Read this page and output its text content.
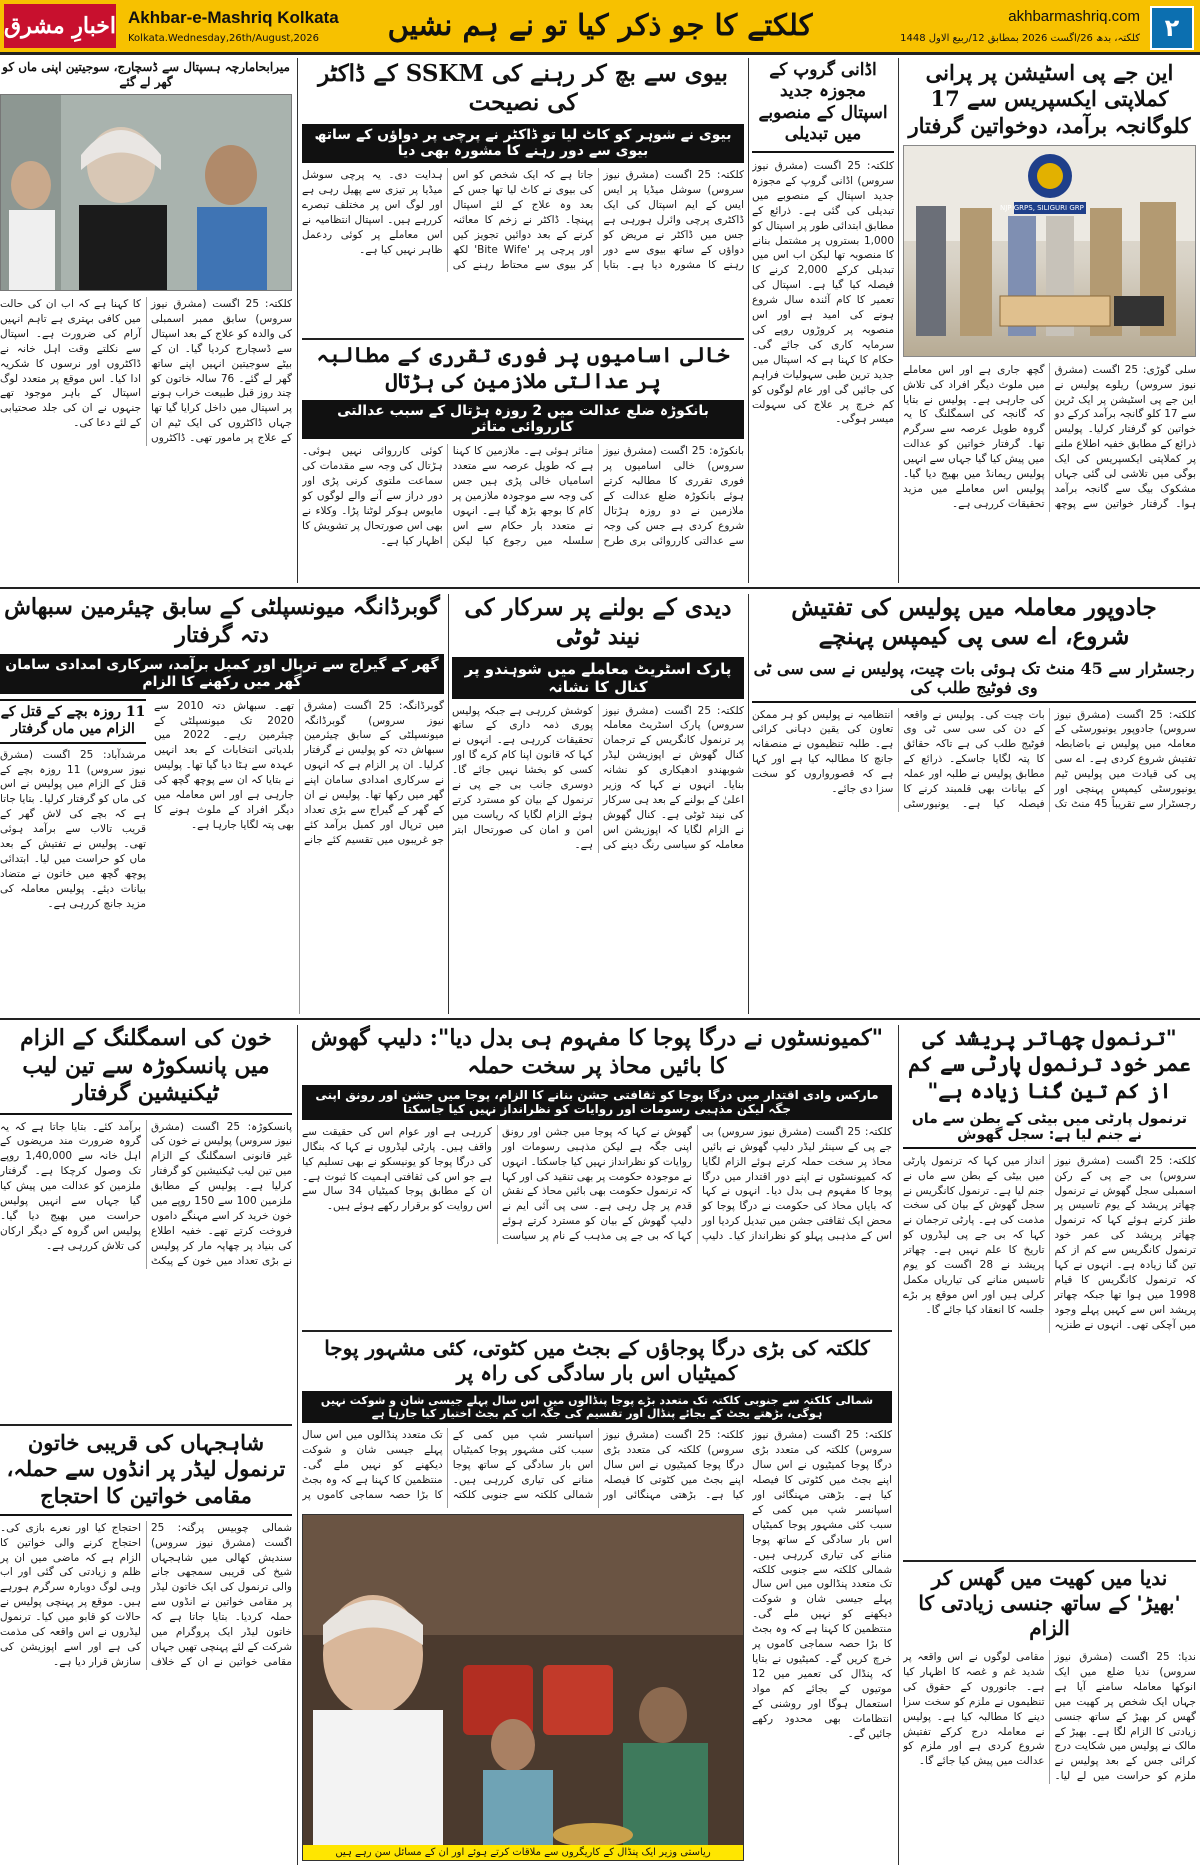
اخبارِ مشرق Akhbar-e-Mashriq Kolkata
Kolkata.Wednesday,26th/August,2026	کلکتے کا جو ذکر کیا تو نے ہم نشیں	akhbarmashriq.com
کلکتہ، بدھ 26/اگست 2026 بمطابق 12/ربیع الاول 1448	۲
این جے پی اسٹیشن پر پرانی کملاپتی ایکسپریس سے 17 کلوگانجہ برآمد، دوخواتین گرفتار
NJP GRPS, SILIGURI GRP
سلی گوڑی: 25 اگست (مشرق نیوز سروس) ریلوے پولیس نے این جے پی اسٹیشن پر ایک ٹرین سے 17 کلو گانجہ برآمد کرکے دو خواتین کو گرفتار کرلیا۔ پولیس ذرائع کے مطابق خفیہ اطلاع ملنے پر کملاپتی ایکسپریس کی ایک بوگی میں تلاشی لی گئی جہاں مشکوک بیگ سے گانجہ برآمد ہوا۔ گرفتار خواتین سے پوچھ گچھ جاری ہے اور اس معاملے میں ملوث دیگر افراد کی تلاش کی جارہی ہے۔ پولیس نے بتایا کہ گانجہ کی اسمگلنگ کا یہ گروہ طویل عرصہ سے سرگرم تھا۔ گرفتار خواتین کو عدالت میں پیش کیا گیا جہاں سے انہیں پولیس ریمانڈ میں بھیج دیا گیا۔ پولیس اس معاملے میں مزید تحقیقات کررہی ہے۔
اڈانی گروپ کے مجوزہ جدید اسپتال کے منصوبے میں تبدیلی
کلکتہ: 25 اگست (مشرق نیوز سروس) اڈانی گروپ کے مجوزہ جدید اسپتال کے منصوبے میں تبدیلی کی گئی ہے۔ ذرائع کے مطابق ابتدائی طور پر اسپتال کو 1,000 بستروں پر مشتمل بنانے کا منصوبہ تھا لیکن اب اس میں تبدیلی کرکے 2,000 کرنے کا فیصلہ کیا گیا ہے۔ اسپتال کی تعمیر کا کام آئندہ سال شروع ہونے کی امید ہے اور اس منصوبہ پر کروڑوں روپے کی سرمایہ کاری کی جائے گی۔ حکام کا کہنا ہے کہ اسپتال میں جدید ترین طبی سہولیات فراہم کی جائیں گی اور عام لوگوں کو کم خرچ پر علاج کی سہولت میسر ہوگی۔
بیوی سے بچ کر رہنے کی SSKM کے ڈاکٹر کی نصیحت
بیوی نے شوہر کو کاٹ لیا تو ڈاکٹر نے پرچی پر دواؤں کے ساتھ بیوی سے دور رہنے کا مشورہ بھی دیا
کلکتہ: 25 اگست (مشرق نیوز سروس) سوشل میڈیا پر ایس ایس کے ایم اسپتال کی ایک ڈاکٹری پرچی وائرل ہورہی ہے جس میں ڈاکٹر نے مریض کو دواؤں کے ساتھ بیوی سے دور رہنے کا مشورہ دیا ہے۔ بتایا جاتا ہے کہ ایک شخص کو اس کی بیوی نے کاٹ لیا تھا جس کے بعد وہ علاج کے لئے اسپتال پہنچا۔ ڈاکٹر نے زخم کا معائنہ کرنے کے بعد دوائیں تجویز کیں اور پرچی پر 'Bite Wife' لکھ کر بیوی سے محتاط رہنے کی ہدایت دی۔ یہ پرچی سوشل میڈیا پر تیزی سے پھیل رہی ہے اور لوگ اس پر مختلف تبصرے کررہے ہیں۔ اسپتال انتظامیہ نے اس معاملے پر کوئی ردعمل ظاہر نہیں کیا ہے۔
خالی اسامیوں پر فوری تقرری کے مطالبہ پر عدالتی ملازمین کی ہڑتال
بانکوڑہ ضلع عدالت میں 2 روزہ ہڑتال کے سبب عدالتی کارروائی متاثر
بانکوڑہ: 25 اگست (مشرق نیوز سروس) خالی اسامیوں پر فوری تقرری کا مطالبہ کرتے ہوئے بانکوڑہ ضلع عدالت کے ملازمین نے دو روزہ ہڑتال شروع کردی ہے جس کی وجہ سے عدالتی کارروائی بری طرح متاثر ہوئی ہے۔ ملازمین کا کہنا ہے کہ طویل عرصہ سے متعدد اسامیاں خالی پڑی ہیں جس کی وجہ سے موجودہ ملازمین پر کام کا بوجھ بڑھ گیا ہے۔ انہوں نے متعدد بار حکام سے اس سلسلہ میں رجوع کیا لیکن کوئی کارروائی نہیں ہوئی۔ ہڑتال کی وجہ سے مقدمات کی سماعت ملتوی کرنی پڑی اور دور دراز سے آنے والے لوگوں کو مایوس ہوکر لوٹنا پڑا۔ وکلاء نے بھی اس صورتحال پر تشویش کا اظہار کیا ہے۔
میرابحامارچہ ہسپتال سے ڈسچارج، سوجیتین اپنی ماں کو گھر لے گئے
کلکتہ: 25 اگست (مشرق نیوز سروس) سابق ممبر اسمبلی کی والدہ کو علاج کے بعد اسپتال سے ڈسچارج کردیا گیا۔ ان کے بیٹے سوجیتین انہیں اپنے ساتھ گھر لے گئے۔ 76 سالہ خاتون کو چند روز قبل طبیعت خراب ہونے پر اسپتال میں داخل کرایا گیا تھا جہاں ڈاکٹروں کی ایک ٹیم ان کے علاج پر مامور تھی۔ ڈاکٹروں کا کہنا ہے کہ اب ان کی حالت میں کافی بہتری ہے تاہم انہیں آرام کی ضرورت ہے۔ اسپتال سے نکلتے وقت اہل خانہ نے ڈاکٹروں اور نرسوں کا شکریہ ادا کیا۔ اس موقع پر متعدد لوگ اسپتال کے باہر موجود تھے جنہوں نے ان کی جلد صحتیابی کے لئے دعا کی۔
جادوپور معاملہ میں پولیس کی تفتیش شروع، اے سی پی کیمپس پہنچے
رجسٹرار سے 45 منٹ تک ہوئی بات چیت، پولیس نے سی سی ٹی وی فوٹیج طلب کی
کلکتہ: 25 اگست (مشرق نیوز سروس) جادوپور یونیورسٹی کے معاملہ میں پولیس نے باضابطہ تفتیش شروع کردی ہے۔ اے سی پی کی قیادت میں پولیس ٹیم یونیورسٹی کیمپس پہنچی اور رجسٹرار سے تقریباً 45 منٹ تک بات چیت کی۔ پولیس نے واقعہ کے دن کی سی سی ٹی وی فوٹیج طلب کی ہے تاکہ حقائق کا پتہ لگایا جاسکے۔ ذرائع کے مطابق پولیس نے طلبہ اور عملہ کے بیانات بھی قلمبند کرنے کا فیصلہ کیا ہے۔ یونیورسٹی انتظامیہ نے پولیس کو ہر ممکن تعاون کی یقین دہانی کرائی ہے۔ طلبہ تنظیموں نے منصفانہ جانچ کا مطالبہ کیا ہے اور کہا ہے کہ قصورواروں کو سخت سزا دی جائے۔
دیدی کے بولنے پر سرکار کی نیند ٹوٹی
پارک اسٹریٹ معاملے میں شوہندو پر کنال کا نشانہ
کلکتہ: 25 اگست (مشرق نیوز سروس) پارک اسٹریٹ معاملہ پر ترنمول کانگریس کے ترجمان کنال گھوش نے اپوزیشن لیڈر شوبھندو ادھیکاری کو نشانہ بنایا۔ انہوں نے کہا کہ وزیر اعلیٰ کے بولنے کے بعد ہی سرکار کی نیند ٹوٹی ہے۔ کنال گھوش نے الزام لگایا کہ اپوزیشن اس معاملہ کو سیاسی رنگ دینے کی کوشش کررہی ہے جبکہ پولیس پوری ذمہ داری کے ساتھ تحقیقات کررہی ہے۔ انہوں نے کہا کہ قانون اپنا کام کرے گا اور کسی کو بخشا نہیں جائے گا۔ دوسری جانب بی جے پی نے ترنمول کے بیان کو مسترد کرتے ہوئے الزام لگایا کہ ریاست میں امن و امان کی صورتحال ابتر ہے۔
گوبرڈانگہ میونسپلٹی کے سابق چیئرمین سبھاش دتہ گرفتار
گھر کے گیراج سے ترپال اور کمبل برآمد، سرکاری امدادی سامان گھر میں رکھنے کا الزام
گوبرڈانگہ: 25 اگست (مشرق نیوز سروس) گوبرڈانگہ میونسپلٹی کے سابق چیئرمین سبھاش دتہ کو پولیس نے گرفتار کرلیا۔ ان پر الزام ہے کہ انہوں نے سرکاری امدادی سامان اپنے گھر میں رکھا تھا۔ پولیس نے ان کے گھر کے گیراج سے بڑی تعداد میں ترپال اور کمبل برآمد کئے جو غریبوں میں تقسیم کئے جانے تھے۔ سبھاش دتہ 2010 سے 2020 تک میونسپلٹی کے چیئرمین رہے۔ 2022 میں بلدیاتی انتخابات کے بعد انہیں عہدہ سے ہٹا دیا گیا تھا۔ پولیس نے بتایا کہ ان سے پوچھ گچھ کی جارہی ہے اور اس معاملہ میں دیگر افراد کے ملوث ہونے کا بھی پتہ لگایا جارہا ہے۔
11 روزہ بچے کے قتل کے الزام میں ماں گرفتار
مرشدآباد: 25 اگست (مشرق نیوز سروس) 11 روزہ بچے کے قتل کے الزام میں پولیس نے اس کی ماں کو گرفتار کرلیا۔ بتایا جاتا ہے کہ بچے کی لاش گھر کے قریب تالاب سے برآمد ہوئی تھی۔ پولیس نے تفتیش کے بعد ماں کو حراست میں لیا۔ ابتدائی پوچھ گچھ میں خاتون نے متضاد بیانات دیئے۔ پولیس معاملہ کی مزید جانچ کررہی ہے۔
"ترنمول چھاتر پریشد کی عمر خود ترنمول پارٹی سے کم از کم تین گنا زیادہ ہے"
ترنمول پارٹی میں بیٹی کے بطن سے ماں نے جنم لیا ہے: سجل گھوش
کلکتہ: 25 اگست (مشرق نیوز سروس) بی جے پی کے رکن اسمبلی سجل گھوش نے ترنمول چھاتر پریشد کے یوم تاسیس پر طنز کرتے ہوئے کہا کہ ترنمول چھاتر پریشد کی عمر خود ترنمول کانگریس سے کم از کم تین گنا زیادہ ہے۔ انہوں نے کہا کہ ترنمول کانگریس کا قیام 1998 میں ہوا تھا جبکہ چھاتر پریشد اس سے کہیں پہلے وجود میں آچکی تھی۔ انہوں نے طنزیہ انداز میں کہا کہ ترنمول پارٹی میں بیٹی کے بطن سے ماں نے جنم لیا ہے۔ ترنمول کانگریس نے سجل گھوش کے بیان کی سخت مذمت کی ہے۔ پارٹی ترجمان نے کہا کہ بی جے پی لیڈروں کو تاریخ کا علم نہیں ہے۔ چھاتر پریشد نے 28 اگست کو یوم تاسیس منانے کی تیاریاں مکمل کرلی ہیں اور اس موقع پر بڑے جلسہ کا انعقاد کیا جائے گا۔
"کمیونسٹوں نے درگا پوجا کا مفہوم ہی بدل دیا": دلیپ گھوش کا بائیں محاذ پر سخت حملہ
مارکس وادی اقتدار میں درگا پوجا کو ثقافتی جشن بنانے کا الزام، پوجا میں جشن اور رونق اپنی جگہ لیکن مذہبی رسومات اور روایات کو نظرانداز نہیں کیا جاسکتا
کلکتہ: 25 اگست (مشرق نیوز سروس) بی جے پی کے سینئر لیڈر دلیپ گھوش نے بائیں محاذ پر سخت حملہ کرتے ہوئے الزام لگایا کہ کمیونسٹوں نے اپنے دور اقتدار میں درگا پوجا کا مفہوم ہی بدل دیا۔ انہوں نے کہا کہ بایاں محاذ کی حکومت نے درگا پوجا کو محض ایک ثقافتی جشن میں تبدیل کردیا اور اس کے مذہبی پہلو کو نظرانداز کیا۔ دلیپ گھوش نے کہا کہ پوجا میں جشن اور رونق اپنی جگہ ہے لیکن مذہبی رسومات اور روایات کو نظرانداز نہیں کیا جاسکتا۔ انہوں نے موجودہ حکومت پر بھی تنقید کی اور کہا کہ ترنمول حکومت بھی بائیں محاذ کے نقش قدم پر چل رہی ہے۔ سی پی آئی ایم نے دلیپ گھوش کے بیان کو مسترد کرتے ہوئے کہا کہ بی جے پی مذہب کے نام پر سیاست کررہی ہے اور عوام اس کی حقیقت سے واقف ہیں۔ پارٹی لیڈروں نے کہا کہ بنگال کی درگا پوجا کو یونیسکو نے بھی تسلیم کیا ہے جو اس کی ثقافتی اہمیت کا ثبوت ہے۔ ان کے مطابق پوجا کمیٹیاں 34 سال سے اس روایت کو برقرار رکھے ہوئے ہیں۔
خون کی اسمگلنگ کے الزام میں پانسکوڑہ سے تین لیب ٹیکنیشین گرفتار
پانسکوڑہ: 25 اگست (مشرق نیوز سروس) پولیس نے خون کی غیر قانونی اسمگلنگ کے الزام میں تین لیب ٹیکنیشین کو گرفتار کرلیا ہے۔ پولیس کے مطابق ملزمین 100 سے 150 روپے میں خون خرید کر اسے مہنگے داموں فروخت کرتے تھے۔ خفیہ اطلاع کی بنیاد پر چھاپہ مار کر پولیس نے بڑی تعداد میں خون کے پیکٹ برآمد کئے۔ بتایا جاتا ہے کہ یہ گروہ ضرورت مند مریضوں کے اہل خانہ سے 1,40,000 روپے تک وصول کرچکا ہے۔ گرفتار ملزمین کو عدالت میں پیش کیا گیا جہاں سے انہیں پولیس حراست میں بھیج دیا گیا۔ پولیس اس گروہ کے دیگر ارکان کی تلاش کررہی ہے۔
کلکتہ کی بڑی درگا پوجاؤں کے بجٹ میں کٹوتی، کئی مشہور پوجا کمیٹیاں اس بار سادگی کی راہ پر
شمالی کلکتہ سے جنوبی کلکتہ تک متعدد بڑے پوجا پنڈالوں میں اس سال پہلے جیسی شان و شوکت نہیں ہوگی، بڑھتے بجٹ کے بجائے پنڈال اور تقسیم کی جگہ اب کم بجٹ اختیار کیا جارہا ہے
کلکتہ: 25 اگست (مشرق نیوز سروس) کلکتہ کی متعدد بڑی درگا پوجا کمیٹیوں نے اس سال اپنے بجٹ میں کٹوتی کا فیصلہ کیا ہے۔ بڑھتی مہنگائی اور اسپانسر شپ میں کمی کے سبب کئی مشہور پوجا کمیٹیاں اس بار سادگی کے ساتھ پوجا منانے کی تیاری کررہی ہیں۔ شمالی کلکتہ سے جنوبی کلکتہ تک متعدد پنڈالوں میں اس سال پہلے جیسی شان و شوکت دیکھنے کو نہیں ملے گی۔ منتظمین کا کہنا ہے کہ وہ بجٹ کا بڑا حصہ سماجی کاموں پر خرچ کریں گے۔ کمیٹیوں نے بتایا کہ پنڈال کی تعمیر میں 12 موتیوں کے بجائے کم مواد استعمال ہوگا اور روشنی کے انتظامات بھی محدود رکھے جائیں گے۔
کلکتہ: 25 اگست (مشرق نیوز سروس) کلکتہ کی متعدد بڑی درگا پوجا کمیٹیوں نے اس سال اپنے بجٹ میں کٹوتی کا فیصلہ کیا ہے۔ بڑھتی مہنگائی اور اسپانسر شپ میں کمی کے سبب کئی مشہور پوجا کمیٹیاں اس بار سادگی کے ساتھ پوجا منانے کی تیاری کررہی ہیں۔ شمالی کلکتہ سے جنوبی کلکتہ تک متعدد پنڈالوں میں اس سال پہلے جیسی شان و شوکت دیکھنے کو نہیں ملے گی۔ منتظمین کا کہنا ہے کہ وہ بجٹ کا بڑا حصہ سماجی کاموں پر
ریاستی وزیر ایک پنڈال کے کاریگروں سے ملاقات کرتے ہوئے اور ان کے مسائل سن رہے ہیں
شاہجہاں کی قریبی خاتون ترنمول لیڈر پر انڈوں سے حملہ، مقامی خواتین کا احتجاج
شمالی چوبیس پرگنہ: 25 اگست (مشرق نیوز سروس) سندیش کھالی میں شاہجہاں شیخ کی قریبی سمجھی جانے والی ترنمول کی ایک خاتون لیڈر پر مقامی خواتین نے انڈوں سے حملہ کردیا۔ بتایا جاتا ہے کہ خاتون لیڈر ایک پروگرام میں شرکت کے لئے پہنچی تھیں جہاں مقامی خواتین نے ان کے خلاف احتجاج کیا اور نعرے بازی کی۔ احتجاج کرنے والی خواتین کا الزام ہے کہ ماضی میں ان پر ظلم و زیادتی کی گئی اور اب وہی لوگ دوبارہ سرگرم ہورہے ہیں۔ موقع پر پہنچی پولیس نے حالات کو قابو میں کیا۔ ترنمول لیڈروں نے اس واقعہ کی مذمت کی ہے اور اسے اپوزیشن کی سازش قرار دیا ہے۔
ندیا میں کھیت میں گھس کر 'بھیڑ' کے ساتھ جنسی زیادتی کا الزام
ندیا: 25 اگست (مشرق نیوز سروس) ندیا ضلع میں ایک انوکھا معاملہ سامنے آیا ہے جہاں ایک شخص پر کھیت میں گھس کر بھیڑ کے ساتھ جنسی زیادتی کا الزام لگا ہے۔ بھیڑ کے مالک نے پولیس میں شکایت درج کرائی جس کے بعد پولیس نے ملزم کو حراست میں لے لیا۔ مقامی لوگوں نے اس واقعہ پر شدید غم و غصہ کا اظہار کیا ہے۔ جانوروں کے حقوق کی تنظیموں نے ملزم کو سخت سزا دینے کا مطالبہ کیا ہے۔ پولیس نے معاملہ درج کرکے تفتیش شروع کردی ہے اور ملزم کو عدالت میں پیش کیا جائے گا۔
